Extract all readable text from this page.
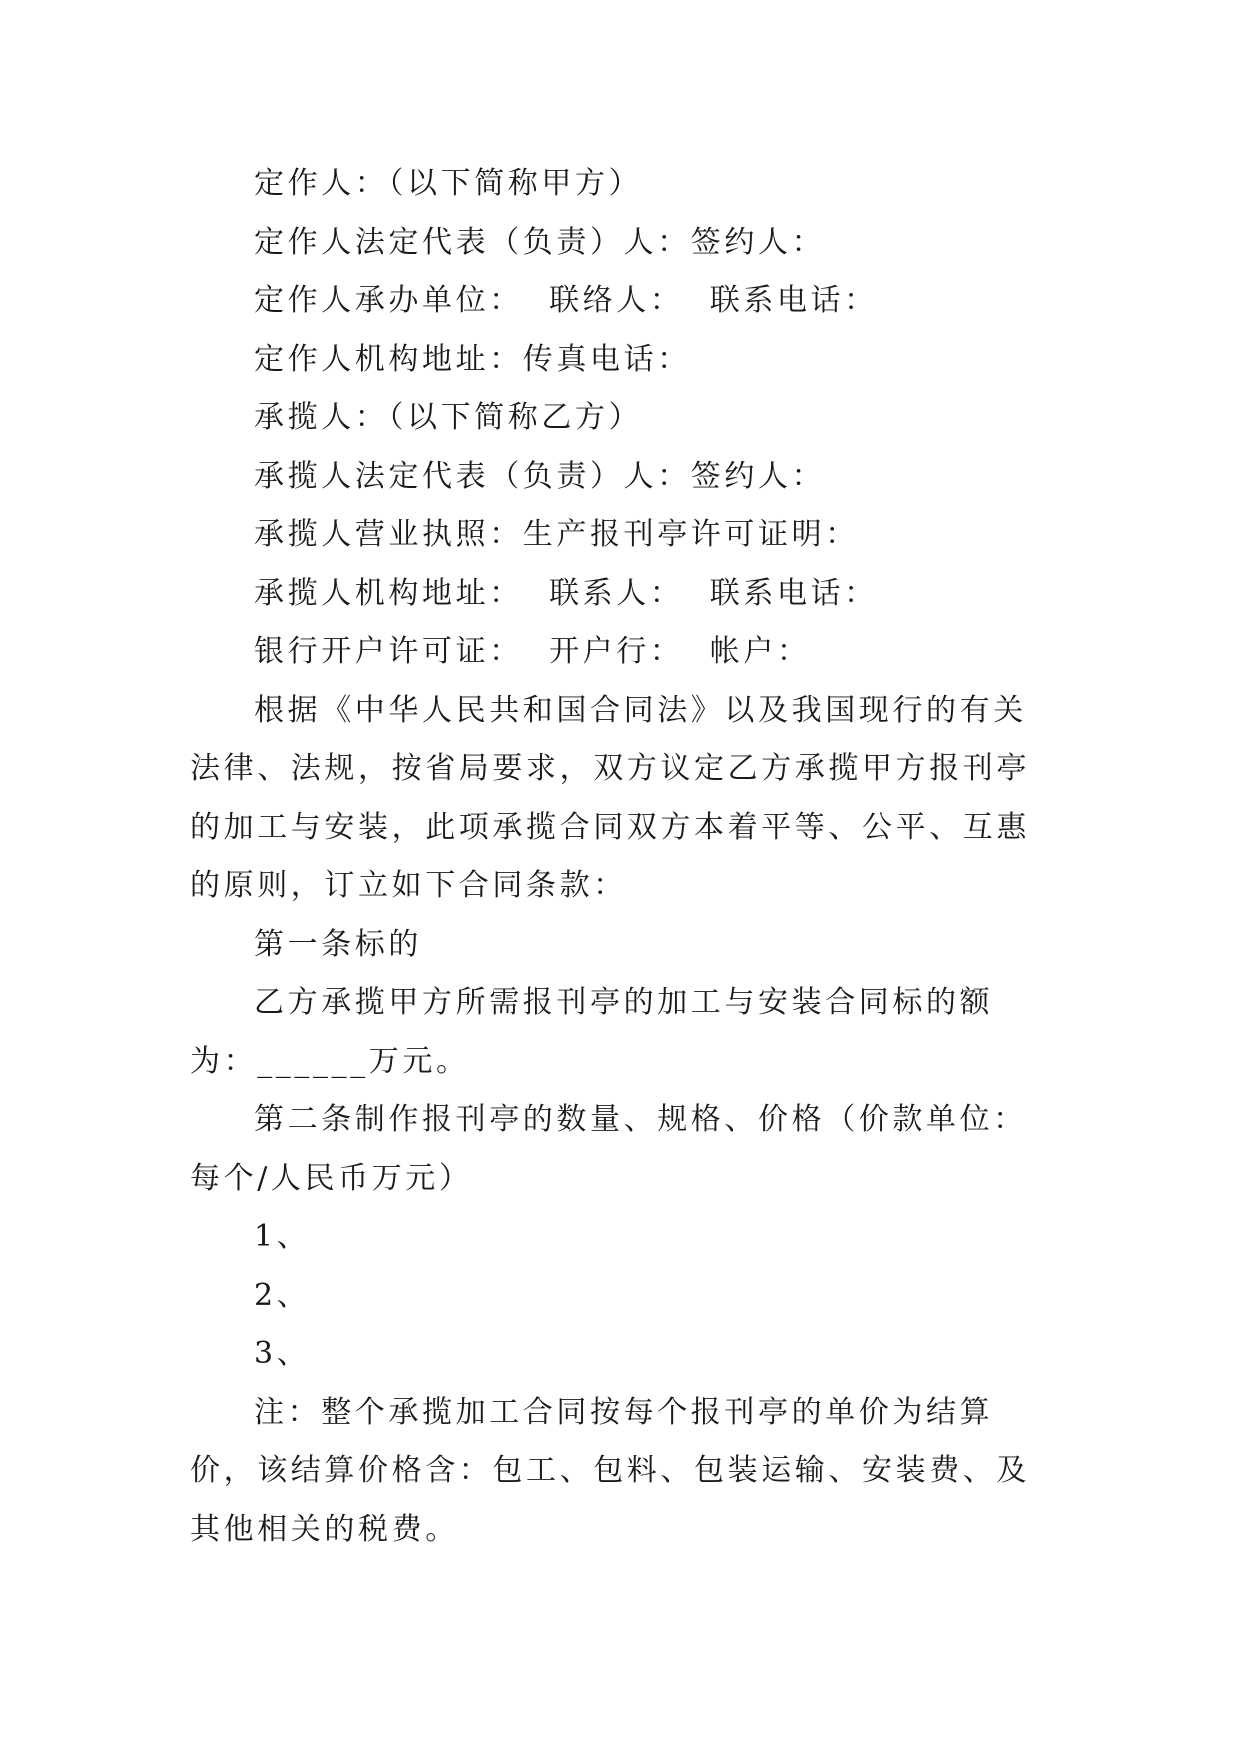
定作人：（以下简称甲方）

定作人法定代表（负责）人：签约人：

定作人承办单位：  联络人：  联系电话：

定作人机构地址：传真电话：

承揽人：（以下简称乙方）

承揽人法定代表（负责）人：签约人：

承揽人营业执照：生产报刊亭许可证明：

承揽人机构地址：  联系人：  联系电话：

银行开户许可证：  开户行：  帐户：

根据《中华人民共和国合同法》以及我国现行的有关法律、法规，按省局要求，双方议定乙方承揽甲方报刊亭的加工与安装，此项承揽合同双方本着平等、公平、互惠的原则，订立如下合同条款：

第一条标的

乙方承揽甲方所需报刊亭的加工与安装合同标的额为：______万元。

第二条制作报刊亭的数量、规格、价格（价款单位：每个/人民币万元）

1、

2、

3、

注：整个承揽加工合同按每个报刊亭的单价为结算价，该结算价格含：包工、包料、包装运输、安装费、及其他相关的税费。
